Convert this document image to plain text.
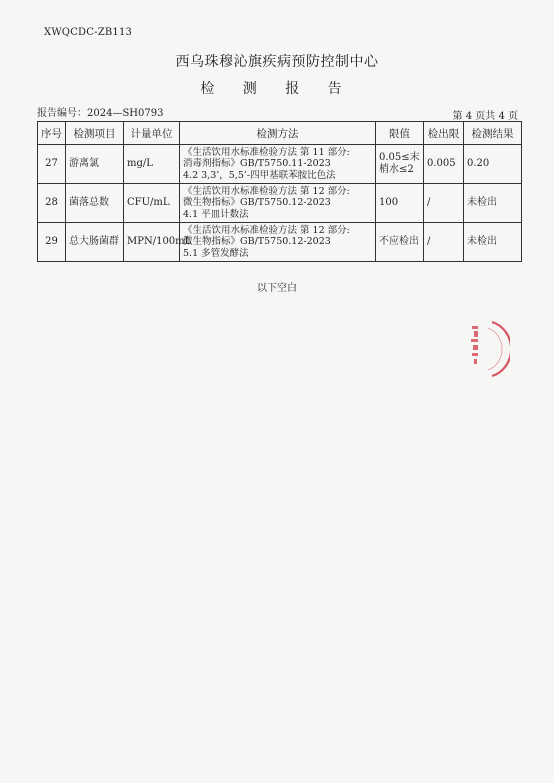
XWQCDC-ZB113
西乌珠穆沁旗疾病预防控制中心
检 测 报 告
报告编号：2024—SH0793	第 4 页共 4 页
序号	检测项目	计量单位	检测方法	限值	检出限	检测结果
27	游离氯	mg/L	《生活饮用水标准检验方法 第 11 部分:
消毒剂指标》GB/T5750.11-2023
4.2 3,3’，5,5’-四甲基联苯胺比色法	0.05≤末梢水≤2	0.005	0.20
28	菌落总数	CFU/mL	《生活饮用水标准检验方法 第 12 部分:
微生物指标》GB/T5750.12-2023
4.1 平皿计数法	100	/	未检出
29	总大肠菌群	MPN/100mL	《生活饮用水标准检验方法 第 12 部分:
微生物指标》GB/T5750.12-2023
5.1 多管发酵法	不应检出	/	未检出
以下空白
